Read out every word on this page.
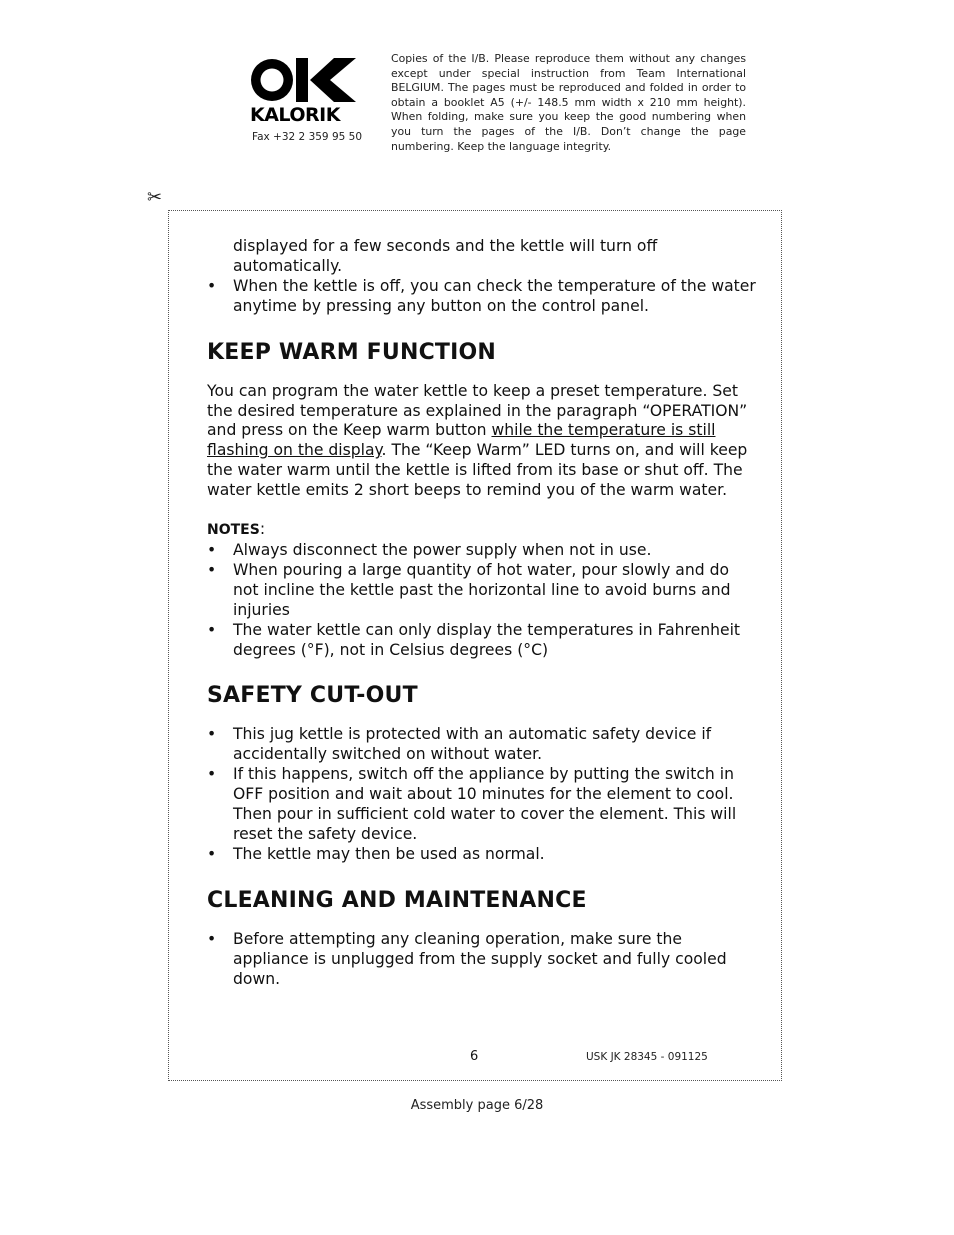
KALORIK
Fax +32 2 359 95 50
Copies of the I/B. Please reproduce them without any changes except under special instruction from Team International BELGIUM. The pages must be reproduced and folded in order to obtain a booklet A5 (+/- 148.5 mm width x 210 mm height). When folding, make sure you keep the good numbering when you turn the pages of the I/B. Don’t change the page numbering. Keep the language integrity.
✂
displayed for a few seconds and the kettle will turn off automatically.
• When the kettle is off, you can check the temperature of the water anytime by pressing any button on the control panel.
KEEP WARM FUNCTION

You can program the water kettle to keep a preset temperature. Set the desired temperature as explained in the paragraph “OPERATION” and press on the Keep warm button while the temperature is still flashing on the display. The “Keep Warm” LED turns on, and will keep the water warm until the kettle is lifted from its base or shut off. The water kettle emits 2 short beeps to remind you of the warm water.

NOTES:

• Always disconnect the power supply when not in use.
• When pouring a large quantity of hot water, pour slowly and do not incline the kettle past the horizontal line to avoid burns and injuries
• The water kettle can only display the temperatures in Fahrenheit degrees (°F), not in Celsius degrees (°C)
SAFETY CUT-OUT
• This jug kettle is protected with an automatic safety device if accidentally switched on without water.
• If this happens, switch off the appliance by putting the switch in OFF position and wait about 10 minutes for the element to cool. Then pour in sufficient cold water to cover the element. This will reset the safety device.
• The kettle may then be used as normal.
CLEANING AND MAINTENANCE
• Before attempting any cleaning operation, make sure the appliance is unplugged from the supply socket and fully cooled down.
6	USK JK 28345 - 091125
Assembly page 6/28
